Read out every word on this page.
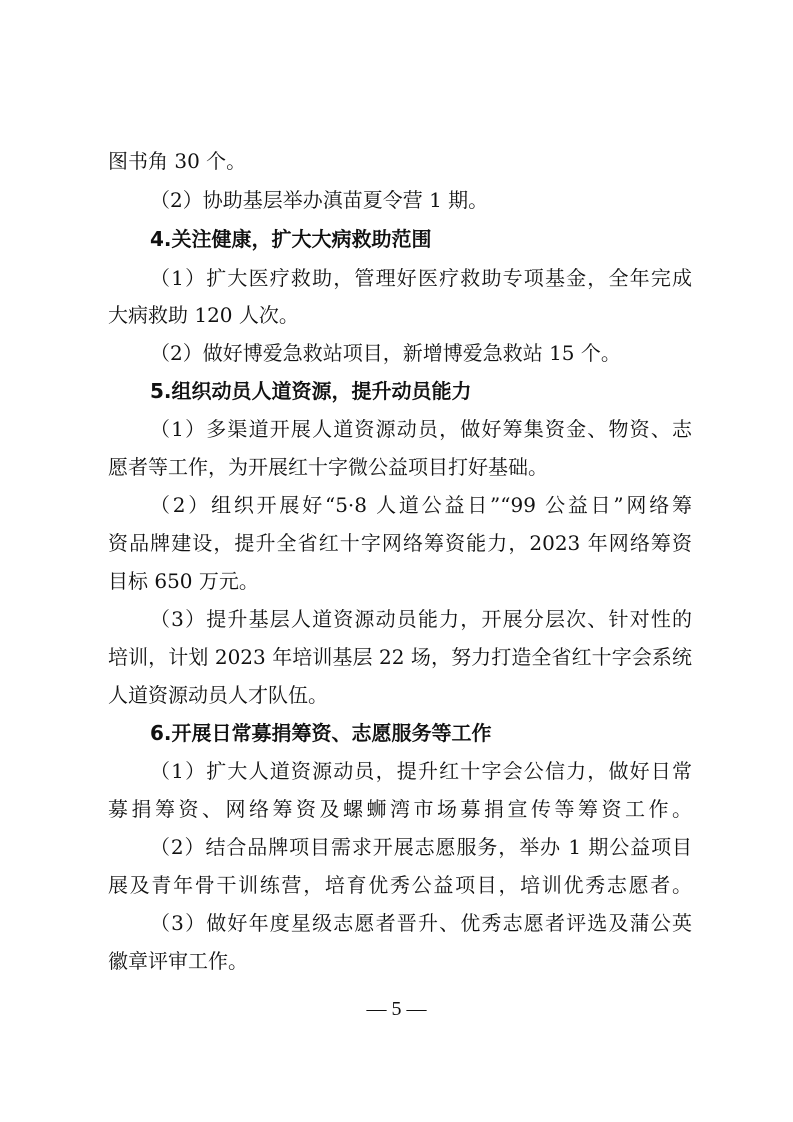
图书角 30 个。
（2）协助基层举办滇苗夏令营 1 期。
4.关注健康，扩大大病救助范围
（1）扩大医疗救助，管理好医疗救助专项基金，全年完成
大病救助 120 人次。
（2）做好博爱急救站项目，新增博爱急救站 15 个。
5.组织动员人道资源，提升动员能力
（1）多渠道开展人道资源动员，做好筹集资金、物资、志
愿者等工作，为开展红十字微公益项目打好基础。
（2）组织开展好“5·8 人道公益日”“99 公益日”网络筹
资品牌建设，提升全省红十字网络筹资能力，2023 年网络筹资
目标 650 万元。
（3）提升基层人道资源动员能力，开展分层次、针对性的
培训，计划 2023 年培训基层 22 场，努力打造全省红十字会系统
人道资源动员人才队伍。
6.开展日常募捐筹资、志愿服务等工作
（1）扩大人道资源动员，提升红十字会公信力，做好日常
募捐筹资、网络筹资及螺蛳湾市场募捐宣传等筹资工作。
（2）结合品牌项目需求开展志愿服务，举办 1 期公益项目
展及青年骨干训练营，培育优秀公益项目，培训优秀志愿者。
（3）做好年度星级志愿者晋升、优秀志愿者评选及蒲公英
徽章评审工作。
— 5 —
